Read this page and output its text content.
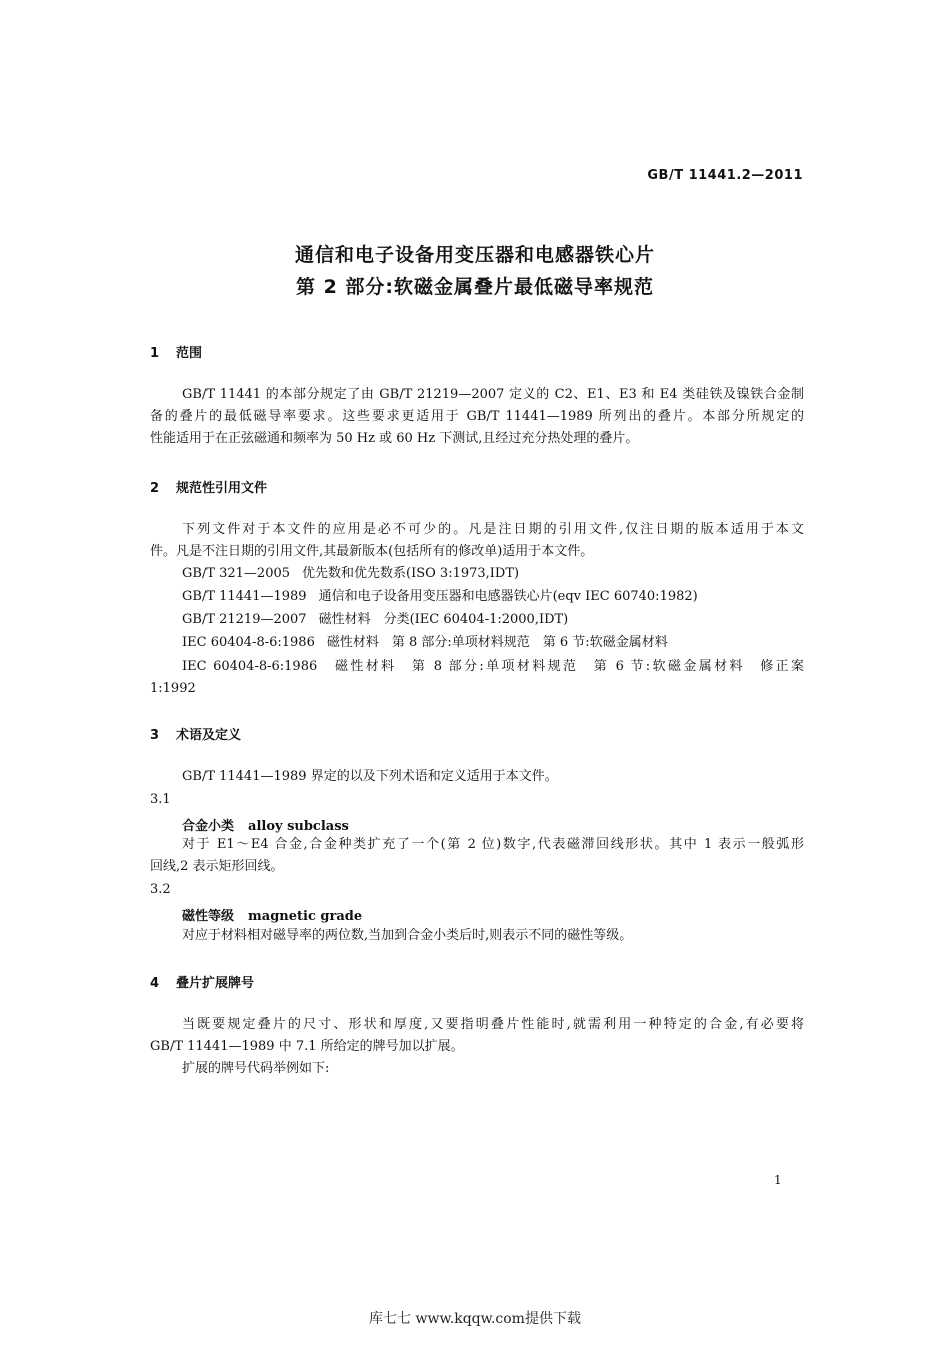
GB/T 11441.2—2011
通信和电子设备用变压器和电感器铁心片
第 2 部分:软磁金属叠片最低磁导率规范
1 范围
GB/T 11441 的本部分规定了由 GB/T 21219—2007 定义的 C2、E1、E3 和 E4 类硅铁及镍铁合金制
备的叠片的最低磁导率要求。这些要求更适用于 GB/T 11441—1989 所列出的叠片。本部分所规定的
性能适用于在正弦磁通和频率为 50 Hz 或 60 Hz 下测试,且经过充分热处理的叠片。
2 规范性引用文件
下列文件对于本文件的应用是必不可少的。凡是注日期的引用文件,仅注日期的版本适用于本文
件。凡是不注日期的引用文件,其最新版本(包括所有的修改单)适用于本文件。
GB/T 321—2005 优先数和优先数系(ISO 3:1973,IDT)
GB/T 11441—1989 通信和电子设备用变压器和电感器铁心片(eqv IEC 60740:1982)
GB/T 21219—2007 磁性材料　分类(IEC 60404-1:2000,IDT)
IEC 60404-8-6:1986 磁性材料　第 8 部分:单项材料规范　第 6 节:软磁金属材料
IEC 60404-8-6:1986　磁性材料　第 8 部分:单项材料规范　第 6 节:软磁金属材料　修正案
1:1992
3 术语及定义
GB/T 11441—1989 界定的以及下列术语和定义适用于本文件。
3.1
合金小类 alloy subclass
对于 E1～E4 合金,合金种类扩充了一个(第 2 位)数字,代表磁滞回线形状。其中 1 表示一般弧形
回线,2 表示矩形回线。
3.2
磁性等级 magnetic grade
对应于材料相对磁导率的两位数,当加到合金小类后时,则表示不同的磁性等级。
4 叠片扩展牌号
当既要规定叠片的尺寸、形状和厚度,又要指明叠片性能时,就需利用一种特定的合金,有必要将
GB/T 11441—1989 中 7.1 所给定的牌号加以扩展。
扩展的牌号代码举例如下:
1
库七七 www.kqqw.com提供下载
